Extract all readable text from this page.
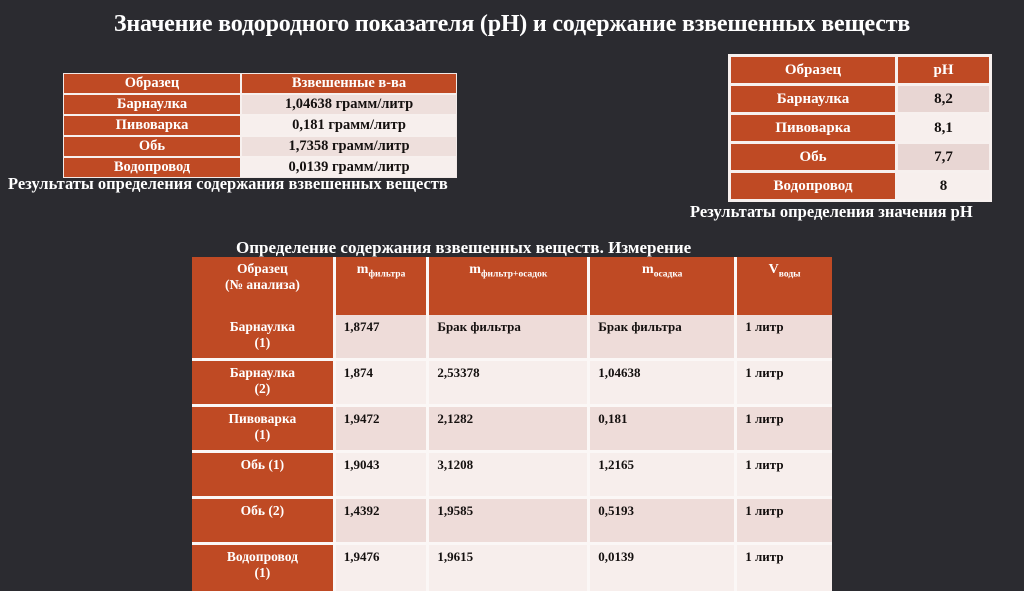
Значение водородного показателя (pH) и содержание взвешенных веществ
Образец	Взвешенные в-ва
Барнаулка	1,04638 грамм/литр
Пивоварка	0,181 грамм/литр
Обь	1,7358 грамм/литр
Водопровод	0,0139 грамм/литр
Результаты определения содержания взвешенных веществ
Образец	pH
Барнаулка	8,2
Пивоварка	8,1
Обь	7,7
Водопровод	8
Результаты определения значения pH
Определение содержания взвешенных веществ. Измерение
Образец
(№ анализа)	$m_{фильтра}$	$m_{фильтр+осадок}$	$m_{осадка}$	$V_{воды}$

Барнаулка
(1)	1,8747	Брак фильтра	Брак фильтра	1 литр

Барнаулка
(2)	1,874	2,53378	1,04638	1 литр

Пивоварка
(1)	1,9472	2,1282	0,181	1 литр

Обь (1)	1,9043	3,1208	1,2165	1 литр

Обь (2)	1,4392	1,9585	0,5193	1 литр

Водопровод
(1)	1,9476	1,9615	0,0139	1 литр
